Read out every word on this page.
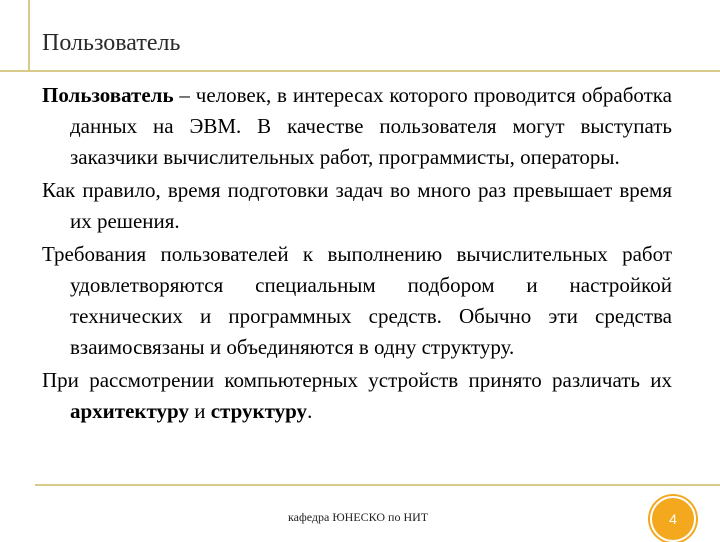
Пользователь

Пользователь – человек, в интересах которого проводится обработка данных на ЭВМ. В качестве пользователя могут выступать заказчики вычислительных работ, программисты, операторы.

Как правило, время подготовки задач во много раз превышает время их решения.

Требования пользователей к выполнению вычислительных работ удовлетворяются специальным подбором и настройкой технических и программных средств. Обычно эти средства взаимосвязаны и объединяются в одну структуру.

При рассмотрении компьютерных устройств принято различать их архитектуру и структуру.

кафедра ЮНЕСКО по НИТ	4
